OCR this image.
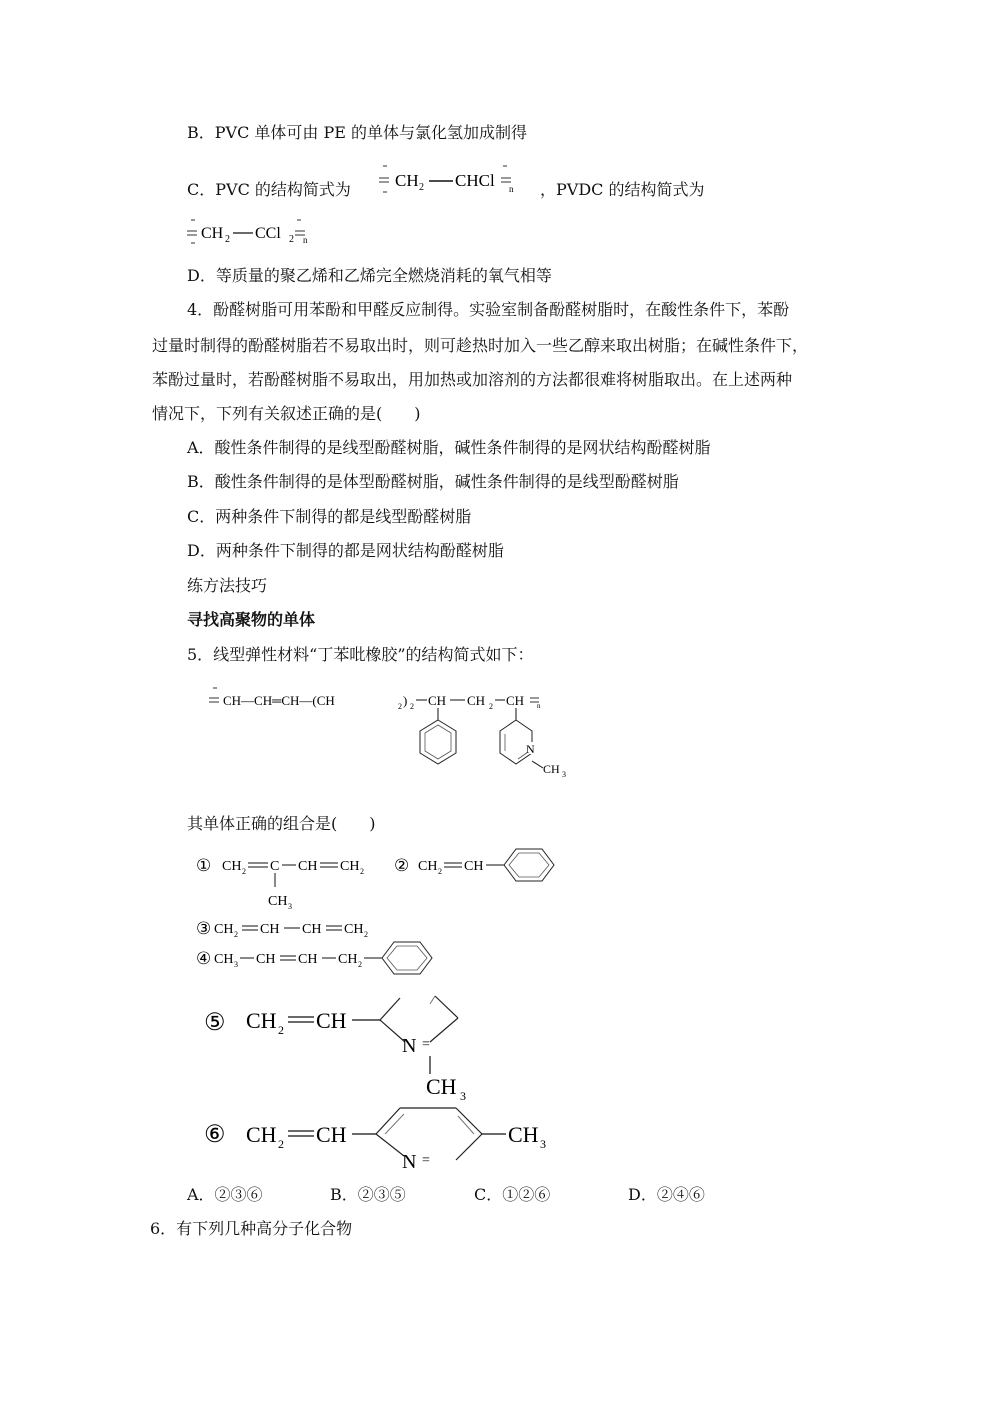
B．PVC 单体可由 PE 的单体与氯化氢加成制得
C．PVC 的结构简式为	CH 2 CHCl n ，PVDC 的结构简式为
CH 2 CCl 2 n
D．等质量的聚乙烯和乙烯完全燃烧消耗的氧气相等
4．酚醛树脂可用苯酚和甲醛反应制得。实验室制备酚醛树脂时，在酸性条件下，苯酚
过量时制得的酚醛树脂若不易取出时，则可趁热时加入一些乙醇来取出树脂；在碱性条件下，
苯酚过量时，若酚醛树脂不易取出，用加热或加溶剂的方法都很难将树脂取出。在上述两种
情况下，下列有关叙述正确的是(　　)
A．酸性条件制得的是线型酚醛树脂，碱性条件制得的是网状结构酚醛树脂
B．酸性条件制得的是体型酚醛树脂，碱性条件制得的是线型酚醛树脂
C．两种条件下制得的都是线型酚醛树脂
D．两种条件下制得的都是网状结构酚醛树脂
练方法技巧
寻找高聚物的单体
5．线型弹性材料“丁苯吡橡胶”的结构简式如下：
CH—CH═CH—(CH	2 ) 2 CH CH 2 CH n
N
CH 3
其单体正确的组合是(　　)
① CH 2 C CH CH 2
CH 3
② CH 2 CH
③ CH 2 CH CH CH 2
④ CH 3 CH CH CH 2
⑤ CH 2 CH
N =
CH 3
⑥ CH 2 CH
N =
CH 3
A．②③⑥	B．②③⑤	C．①②⑥	D．②④⑥
6．有下列几种高分子化合物
